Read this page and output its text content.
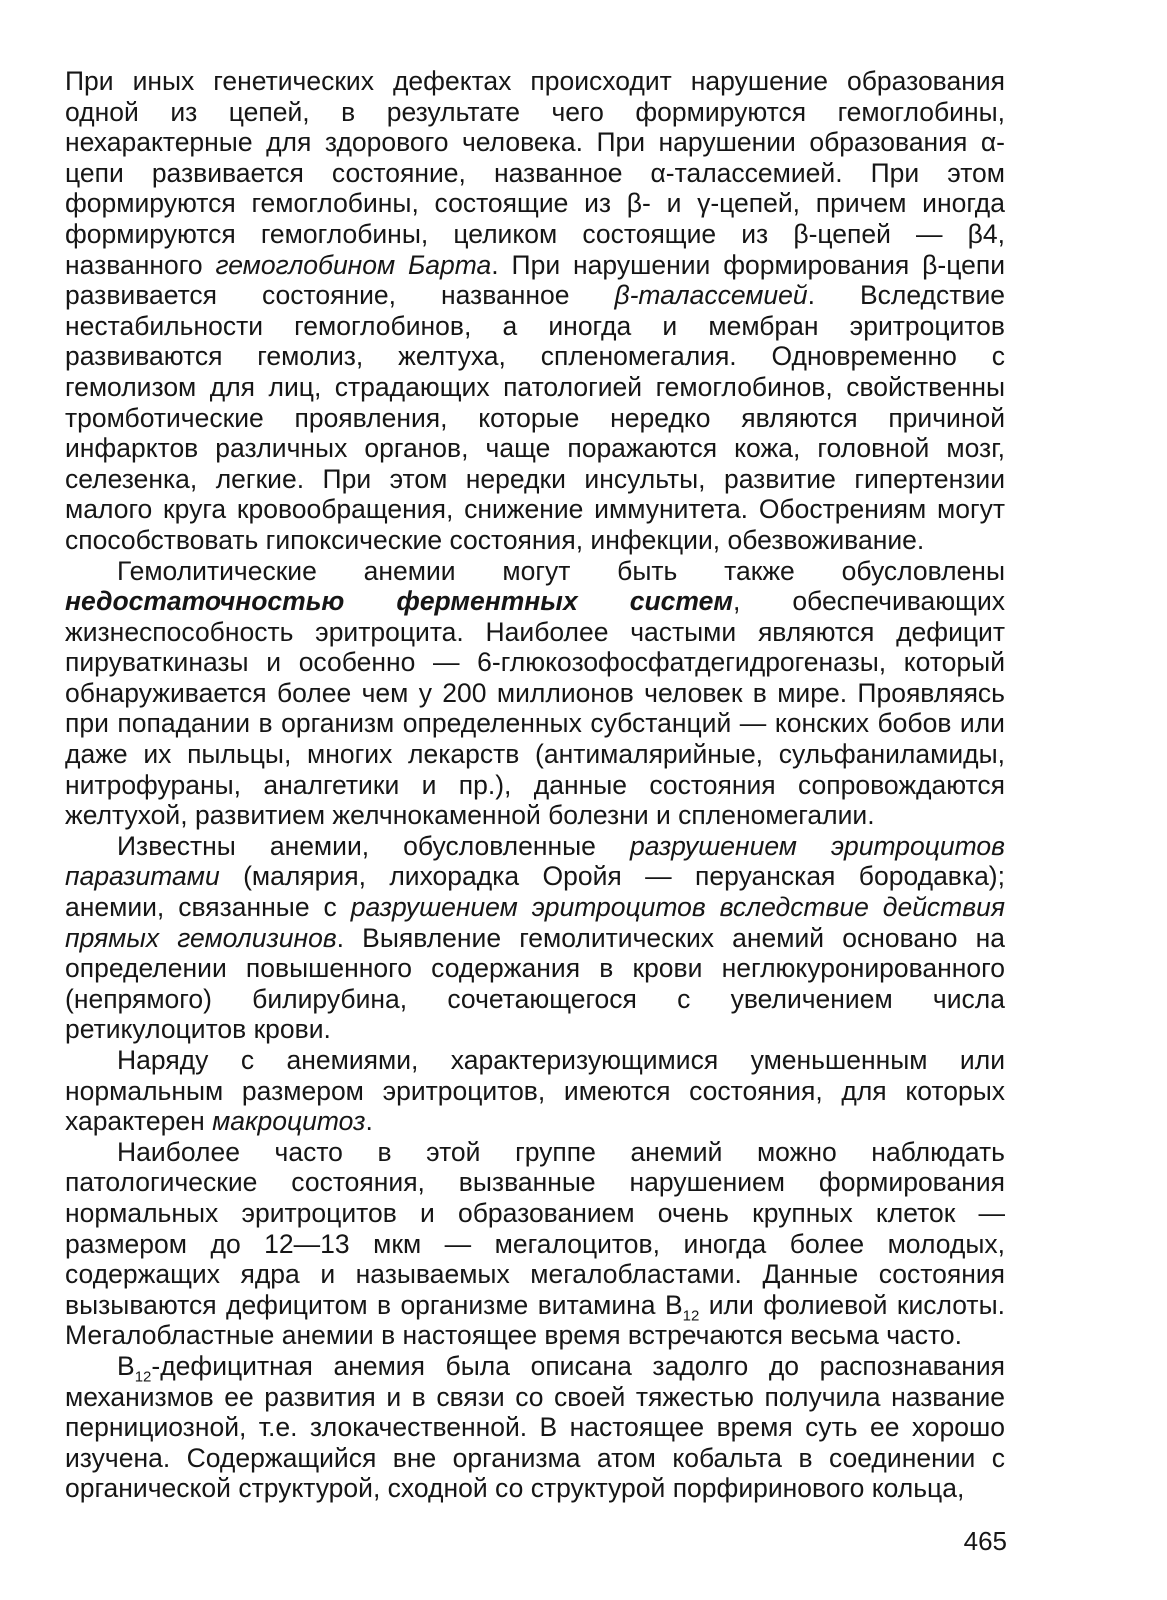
При иных генетических дефектах происходит нарушение образования одной из цепей, в результате чего формируются гемоглобины, нехарактерные для здорового человека. При нарушении образования α-цепи развивается состояние, названное α-талассемией. При этом формируются гемоглобины, состоящие из β- и γ-цепей, причем иногда формируются гемоглобины, целиком состоящие из β-цепей — β4, названного гемоглобином Барта. При нарушении формирования β-цепи развивается состояние, названное β-талассемией. Вследствие нестабильности гемоглобинов, а иногда и мембран эритроцитов развиваются гемолиз, желтуха, спленомегалия. Одновременно с гемолизом для лиц, страдающих патологией гемоглобинов, свойственны тромботические проявления, которые нередко являются причиной инфарктов различных органов, чаще поражаются кожа, головной мозг, селезенка, легкие. При этом нередки инсульты, развитие гипертензии малого круга кровообращения, снижение иммунитета. Обострениям могут способствовать гипоксические состояния, инфекции, обезвоживание.

Гемолитические анемии могут быть также обусловлены недостаточностью ферментных систем, обеспечивающих жизнеспособность эритроцита. Наиболее частыми являются дефицит пируваткиназы и особенно — 6-глюкозофосфатдегидрогеназы, который обнаруживается более чем у 200 миллионов человек в мире. Проявляясь при попадании в организм определенных субстанций — конских бобов или даже их пыльцы, многих лекарств (антималярийные, сульфаниламиды, нитрофураны, аналгетики и пр.), данные состояния сопровождаются желтухой, развитием желчнокаменной болезни и спленомегалии.

Известны анемии, обусловленные разрушением эритроцитов паразитами (малярия, лихорадка Оройя — перуанская бородавка); анемии, связанные с разрушением эритроцитов вследствие действия прямых гемолизинов. Выявление гемолитических анемий основано на определении повышенного содержания в крови неглюкуронированного (непрямого) билирубина, сочетающегося с увеличением числа ретикулоцитов крови.

Наряду с анемиями, характеризующимися уменьшенным или нормальным размером эритроцитов, имеются состояния, для которых характерен макроцитоз.

Наиболее часто в этой группе анемий можно наблюдать патологические состояния, вызванные нарушением формирования нормальных эритроцитов и образованием очень крупных клеток — размером до 12—13 мкм — мегалоцитов, иногда более молодых, содержащих ядра и называемых мегалобластами. Данные состояния вызываются дефицитом в организме витамина $B_{12}$ или фолиевой кислоты. Мегалобластные анемии в настоящее время встречаются весьма часто.

$B_{12}$-дефицитная анемия была описана задолго до распознавания механизмов ее развития и в связи со своей тяжестью получила название пернициозной, т.е. злокачественной. В настоящее время суть ее хорошо изучена. Содержащийся вне организма атом кобальта в соединении с органической структурой, сходной со структурой порфиринового кольца,

465
